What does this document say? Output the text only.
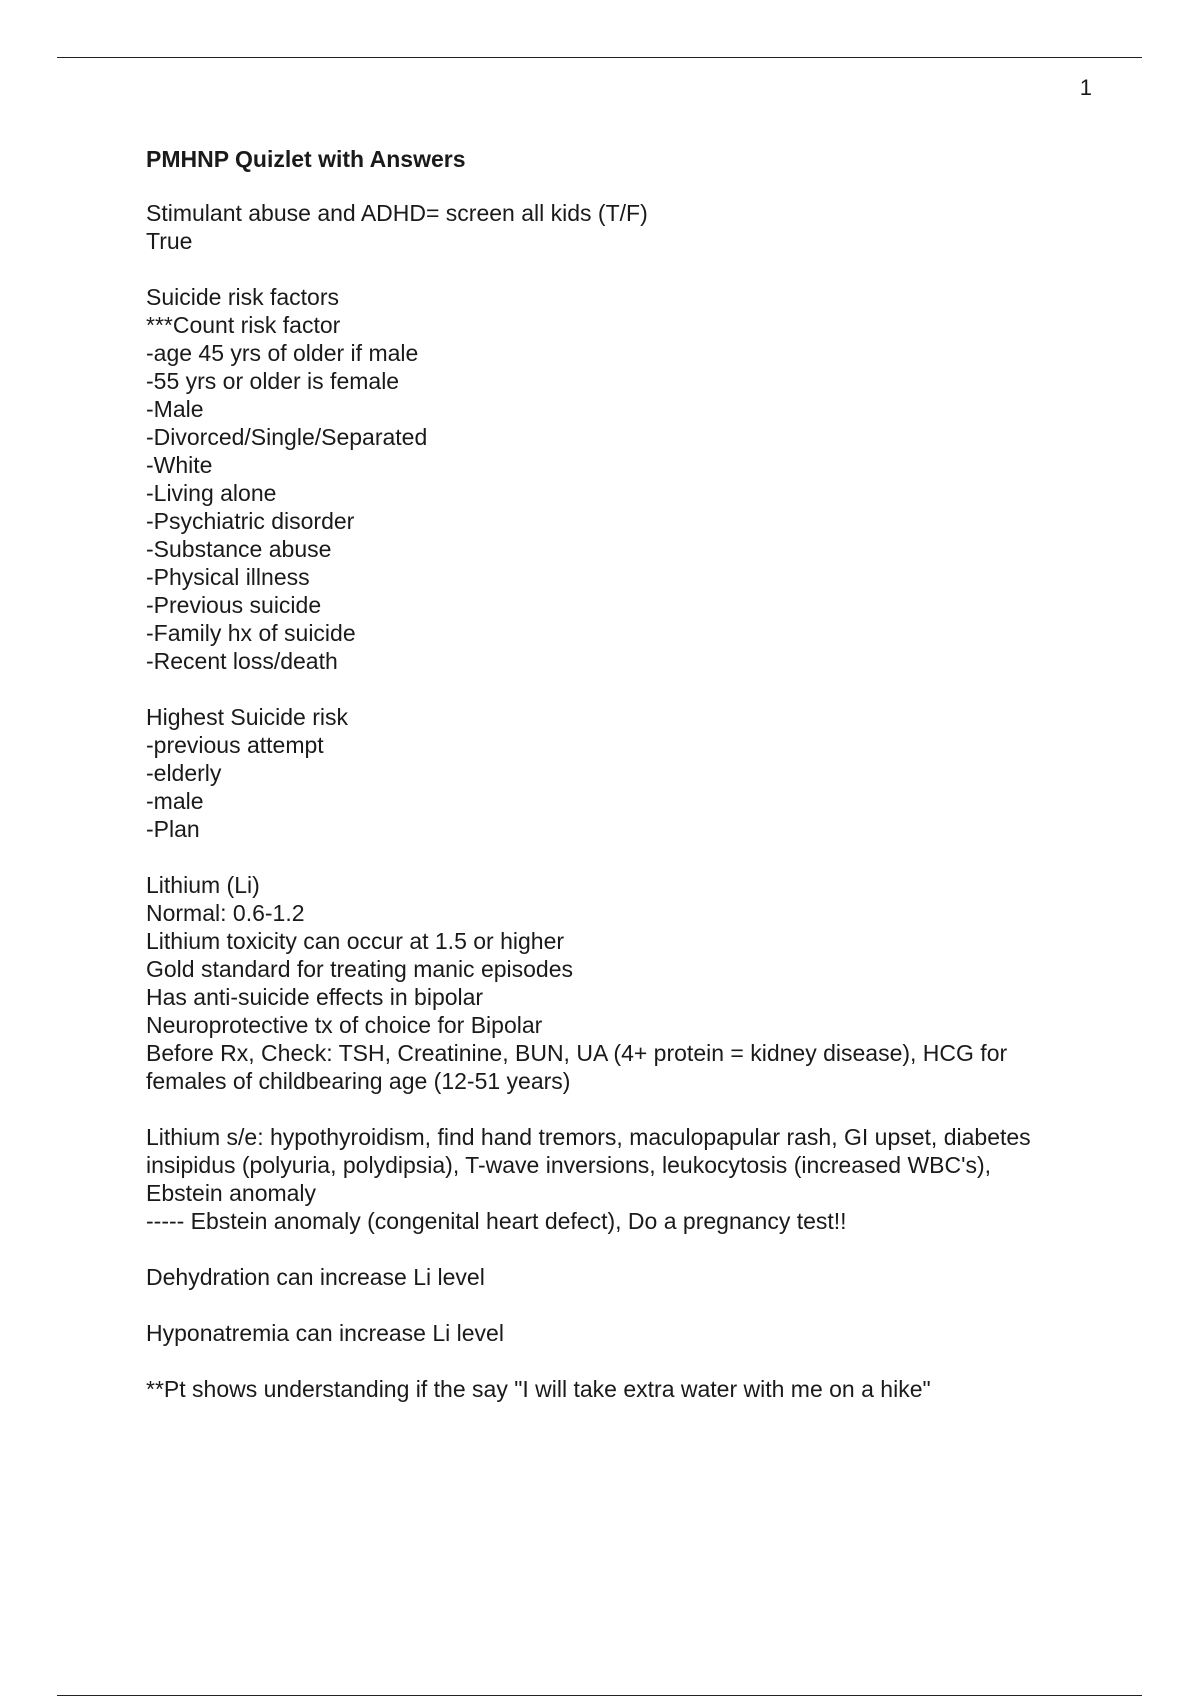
1

PMHNP Quizlet with Answers

Stimulant abuse and ADHD= screen all kids (T/F)

True

Suicide risk factors

***Count risk factor

-age 45 yrs of older if male

-55 yrs or older is female

-Male

-Divorced/Single/Separated

-White

-Living alone

-Psychiatric disorder

-Substance abuse

-Physical illness

-Previous suicide

-Family hx of suicide

-Recent loss/death

Highest Suicide risk

-previous attempt

-elderly

-male

-Plan

Lithium (Li)

Normal: 0.6-1.2

Lithium toxicity can occur at 1.5 or higher

Gold standard for treating manic episodes

Has anti-suicide effects in bipolar

Neuroprotective tx of choice for Bipolar

Before Rx, Check: TSH, Creatinine, BUN, UA (4+ protein = kidney disease), HCG for

females of childbearing age (12-51 years)

Lithium s/e: hypothyroidism, find hand tremors, maculopapular rash, GI upset, diabetes

insipidus (polyuria, polydipsia), T-wave inversions, leukocytosis (increased WBC's),

Ebstein anomaly

----- Ebstein anomaly (congenital heart defect), Do a pregnancy test!!

Dehydration can increase Li level

Hyponatremia can increase Li level

**Pt shows understanding if the say "I will take extra water with me on a hike"
